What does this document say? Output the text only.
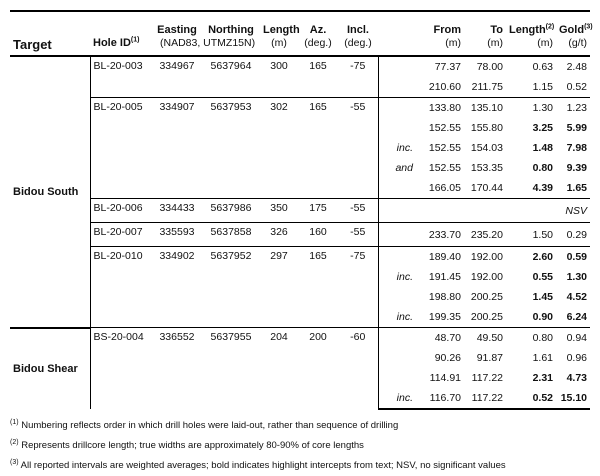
		Easting	Northing	Length	Az.	Incl.		From	To	Length$^{(2)}$	Gold$^{(3)}$
Target	Hole ID$^{(1)}$	(NAD83, UTMZ15N)		(m)	(deg.)	(deg.)		(m)	(m)	(m)	(g/t)
Bidou South	BL-20-003	334967	5637964	300	165	-75		77.37	78.00	0.63	2.48
								210.60	211.75	1.15	0.52
	BL-20-005	334907	5637953	302	165	-55		133.80	135.10	1.30	1.23
								152.55	155.80	3.25	5.99
							inc.	152.55	154.03	1.48	7.98
							and	152.55	153.35	0.80	9.39
								166.05	170.44	4.39	1.65
	BL-20-006	334433	5637986	350	175	-55					NSV
	BL-20-007	335593	5637858	326	160	-55		233.70	235.20	1.50	0.29
	BL-20-010	334902	5637952	297	165	-75		189.40	192.00	2.60	0.59
							inc.	191.45	192.00	0.55	1.30
								198.80	200.25	1.45	4.52
							inc.	199.35	200.25	0.90	6.24
Bidou Shear	BS-20-004	336552	5637955	204	200	-60		48.70	49.50	0.80	0.94
								90.26	91.87	1.61	0.96
								114.91	117.22	2.31	4.73
							inc.	116.70	117.22	0.52	15.10
$^{(1)}$ Numbering reflects order in which drill holes were laid-out, rather than sequence of drilling
$^{(2)}$ Represents drillcore length; true widths are approximately 80-90% of core lengths
$^{(3)}$ All reported intervals are weighted averages; bold indicates highlight intercepts from text; NSV, no significant values
